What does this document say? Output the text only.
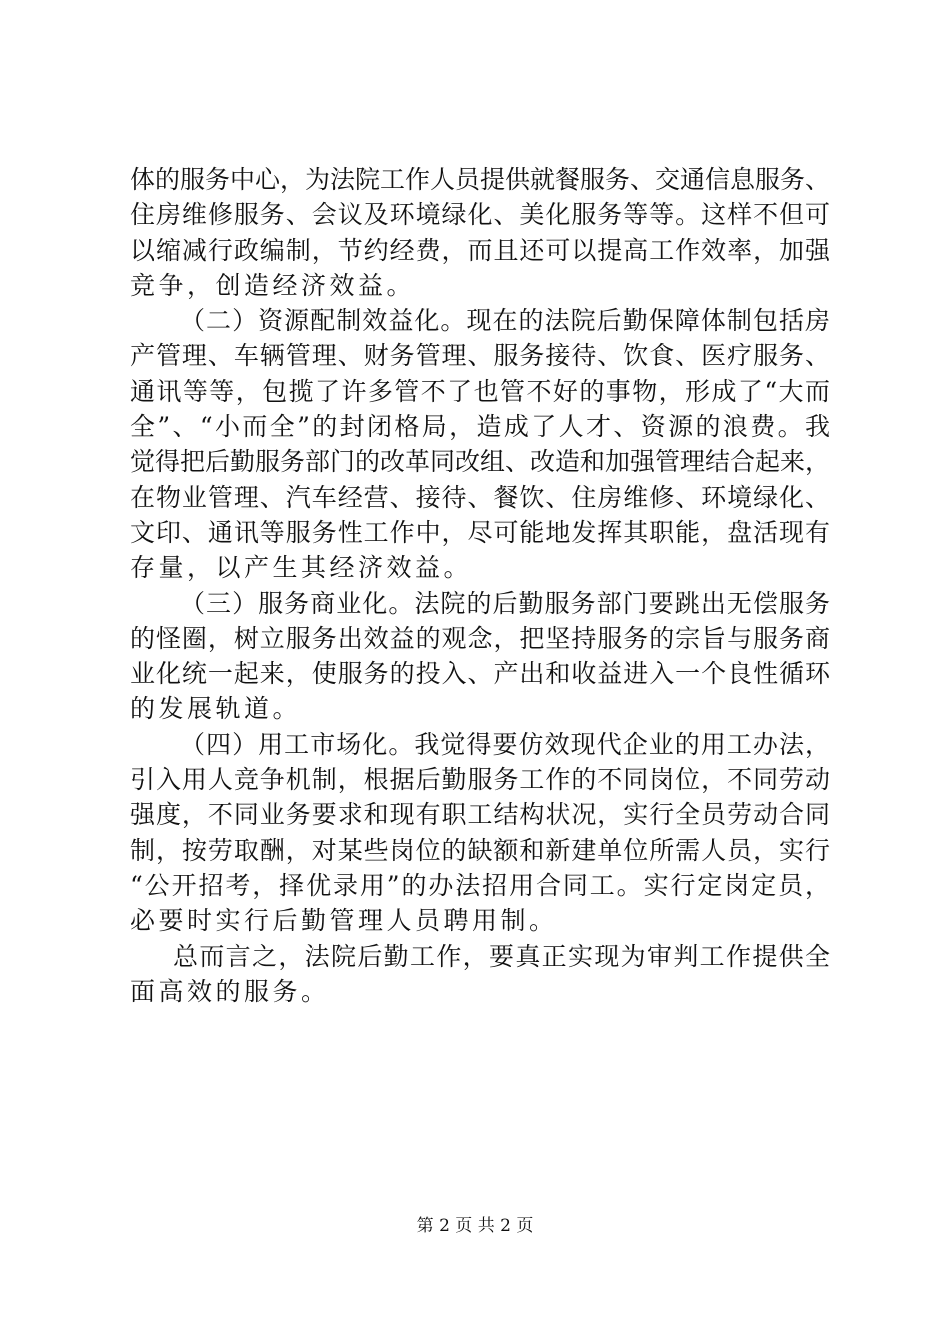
体的服务中心，为法院工作人员提供就餐服务、交通信息服务、
住房维修服务、会议及环境绿化、美化服务等等。这样不但可
以缩减行政编制，节约经费，而且还可以提高工作效率，加强
竞争，创造经济效益。
（二）资源配制效益化。现在的法院后勤保障体制包括房
产管理、车辆管理、财务管理、服务接待、饮食、医疗服务、
通讯等等，包揽了许多管不了也管不好的事物，形成了“大而
全”、“小而全”的封闭格局，造成了人才、资源的浪费。我
觉得把后勤服务部门的改革同改组、改造和加强管理结合起来，
在物业管理、汽车经营、接待、餐饮、住房维修、环境绿化、
文印、通讯等服务性工作中，尽可能地发挥其职能，盘活现有
存量，以产生其经济效益。
（三）服务商业化。法院的后勤服务部门要跳出无偿服务
的怪圈，树立服务出效益的观念，把坚持服务的宗旨与服务商
业化统一起来，使服务的投入、产出和收益进入一个良性循环
的发展轨道。
（四）用工市场化。我觉得要仿效现代企业的用工办法，
引入用人竞争机制，根据后勤服务工作的不同岗位，不同劳动
强度，不同业务要求和现有职工结构状况，实行全员劳动合同
制，按劳取酬，对某些岗位的缺额和新建单位所需人员，实行
“公开招考，择优录用”的办法招用合同工。实行定岗定员，
必要时实行后勤管理人员聘用制。
总而言之，法院后勤工作，要真正实现为审判工作提供全
面高效的服务。
第 2 页 共 2 页
